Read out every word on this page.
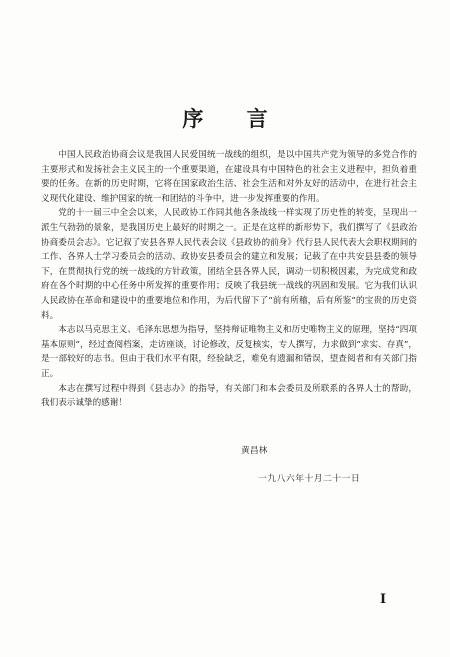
序 言

中国人民政治协商会议是我国人民爱国统一战线的组织，是以中国共产党为领导的多党合作的主要形式和发扬社会主义民主的一个重要渠道，在建设具有中国特色的社会主义进程中，担负着重要的任务。在新的历史时期，它将在国家政治生活、社会生活和对外友好的活动中，在进行社会主义现代化建设、维护国家的统一和团结的斗争中，进一步发挥重要的作用。

党的十一届三中全会以来，人民政协工作同其他各条战线一样实现了历史性的转变，呈现出一派生气勃勃的景象，是我国历史上最好的时期之一。正是在这样的新形势下，我们撰写了《县政治协商委员会志》。它记叙了安县各界人民代表会议《县政协的前身》代行县人民代表大会职权期间的工作、各界人士学习委员会的活动、政协安县委员会的建立和发展；记载了在中共安县县委的领导下，在贯彻执行党的统一战线的方针政策，团结全县各界人民，调动一切积极因素，为完成党和政府在各个时期的中心任务中所发挥的重要作用；反映了我县统一战线的巩固和发展。它为我们认识人民政协在革命和建设中的重要地位和作用，为后代留下了“前有所稽，后有所鉴”的宝贵的历史资料。

本志以马克思主义、毛泽东思想为指导，坚持辩证唯物主义和历史唯物主义的原理，坚持“四项基本原则”，经过查阅档案，走访座谈，讨论修改，反复核实，专人撰写，力求做到“求实、存真”，是一部较好的志书。但由于我们水平有限，经验缺乏，难免有遗漏和错误，望查阅者和有关部门指正。

本志在撰写过程中得到《县志办》的指导，有关部门和本会委员及所联系的各界人士的帮助，我们表示诚挚的感谢！

黄昌林
一九八六年十月二十一日
I
